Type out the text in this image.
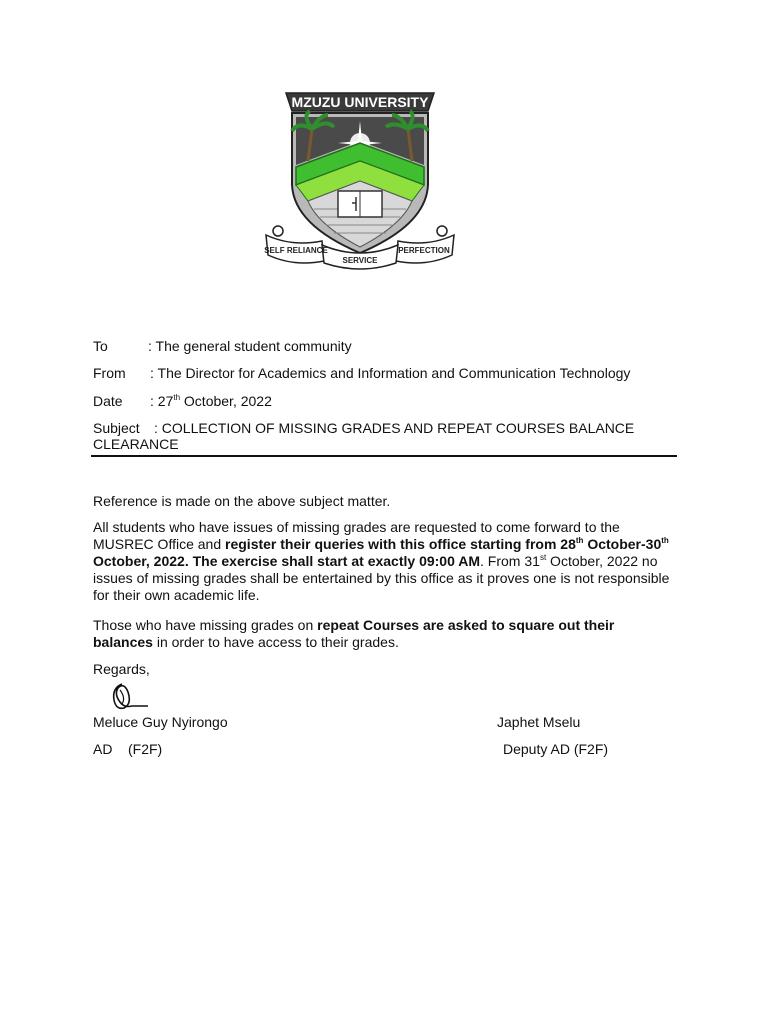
MZUZU UNIVERSITY
SELF RELIANCE
SERVICE
PERFECTION
To	: The general student community
From : The Director for Academics and Information and Communication Technology
Date : 27th October, 2022
Subject : COLLECTION OF MISSING GRADES AND REPEAT COURSES BALANCE
CLEARANCE
Reference is made on the above subject matter.
All students who have issues of missing grades are requested to come forward to the MUSREC Office and register their queries with this office starting from 28th October-30th October, 2022. The exercise shall start at exactly 09:00 AM. From 31st October, 2022 no issues of missing grades shall be entertained by this office as it proves one is not responsible for their own academic life.
Those who have missing grades on repeat Courses are asked to square out their balances in order to have access to their grades.
Regards,
Meluce Guy Nyirongo
AD    (F2F)
Japhet Mselu
Deputy AD (F2F)
